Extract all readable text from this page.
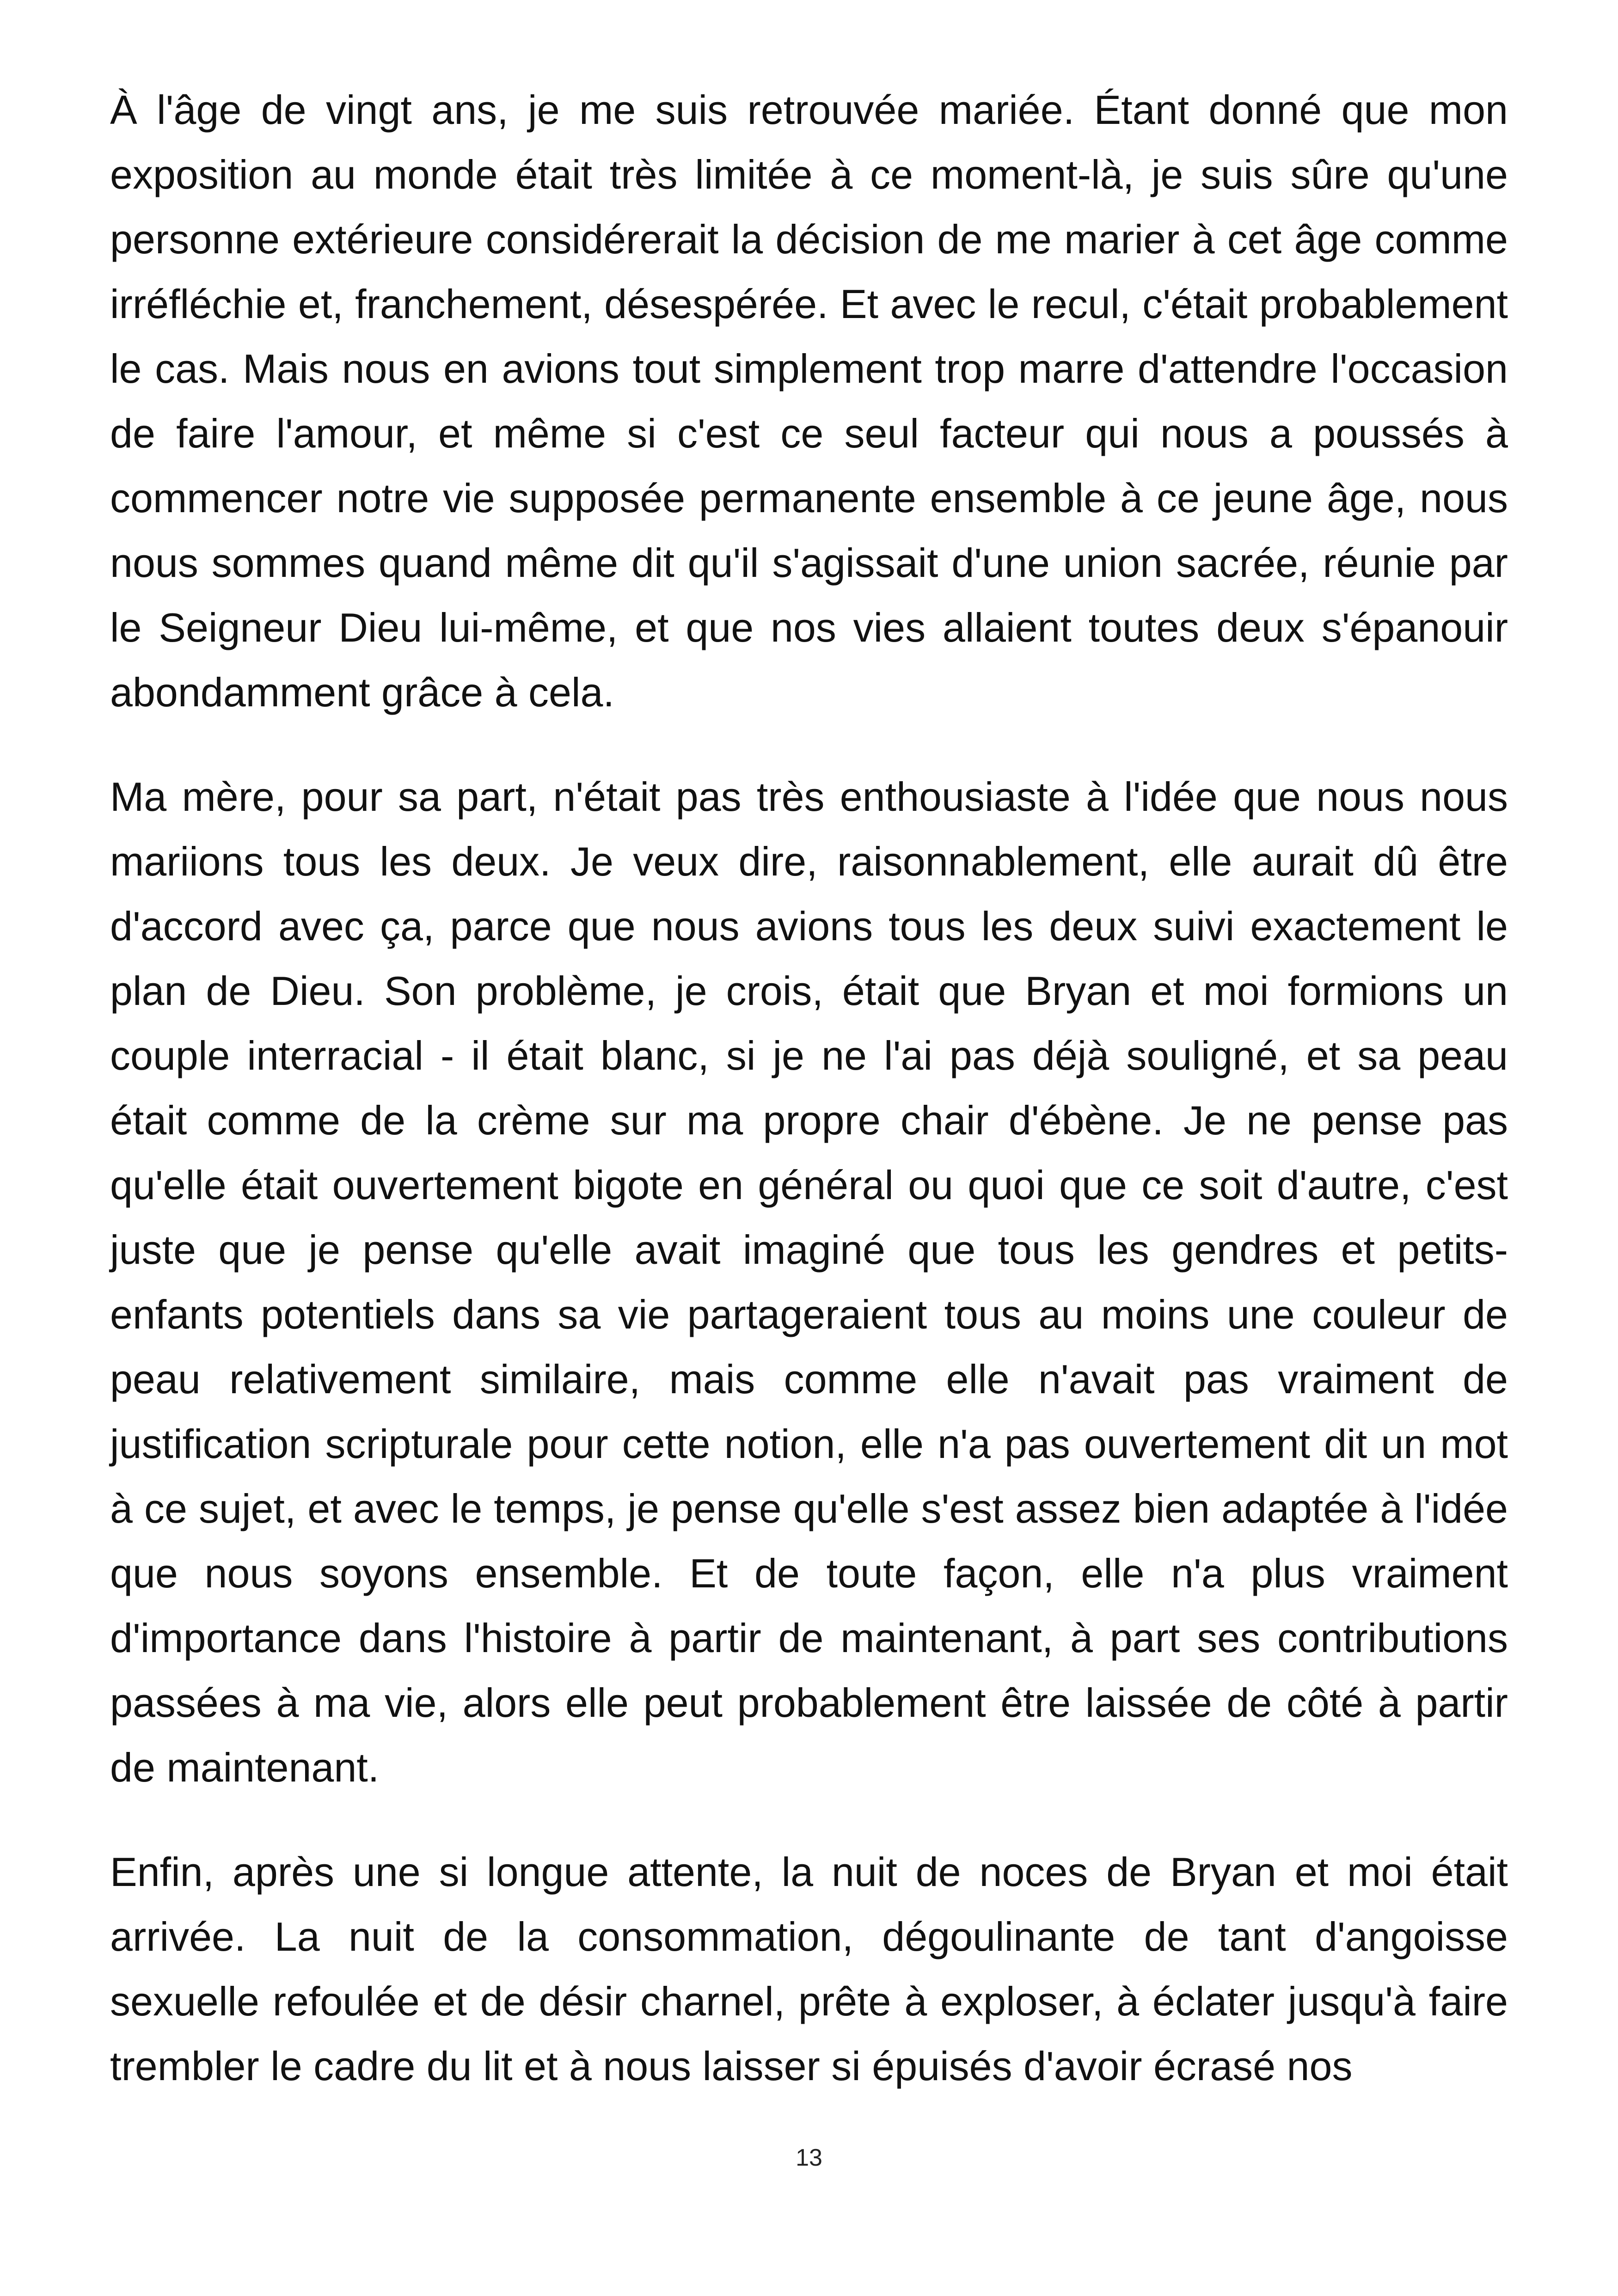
À l'âge de vingt ans, je me suis retrouvée mariée. Étant donné que mon exposition au monde était très limitée à ce moment-là, je suis sûre qu'une personne extérieure considérerait la décision de me marier à cet âge comme irréfléchie et, franchement, désespérée. Et avec le recul, c'était probablement le cas. Mais nous en avions tout simplement trop marre d'attendre l'occasion de faire l'amour, et même si c'est ce seul facteur qui nous a poussés à commencer notre vie supposée permanente ensemble à ce jeune âge, nous nous sommes quand même dit qu'il s'agissait d'une union sacrée, réunie par le Seigneur Dieu lui-même, et que nos vies allaient toutes deux s'épanouir abondamment grâce à cela.

Ma mère, pour sa part, n'était pas très enthousiaste à l'idée que nous nous mariions tous les deux. Je veux dire, raisonnablement, elle aurait dû être d'accord avec ça, parce que nous avions tous les deux suivi exactement le plan de Dieu. Son problème, je crois, était que Bryan et moi formions un couple interracial - il était blanc, si je ne l'ai pas déjà souligné, et sa peau était comme de la crème sur ma propre chair d'ébène. Je ne pense pas qu'elle était ouvertement bigote en général ou quoi que ce soit d'autre, c'est juste que je pense qu'elle avait imaginé que tous les gendres et petits-enfants potentiels dans sa vie partageraient tous au moins une couleur de peau relativement similaire, mais comme elle n'avait pas vraiment de justification scripturale pour cette notion, elle n'a pas ouvertement dit un mot à ce sujet, et avec le temps, je pense qu'elle s'est assez bien adaptée à l'idée que nous soyons ensemble. Et de toute façon, elle n'a plus vraiment d'importance dans l'histoire à partir de maintenant, à part ses contributions passées à ma vie, alors elle peut probablement être laissée de côté à partir de maintenant.

Enfin, après une si longue attente, la nuit de noces de Bryan et moi était arrivée. La nuit de la consommation, dégoulinante de tant d'angoisse sexuelle refoulée et de désir charnel, prête à exploser, à éclater jusqu'à faire trembler le cadre du lit et à nous laisser si épuisés d'avoir écrasé nos

13
